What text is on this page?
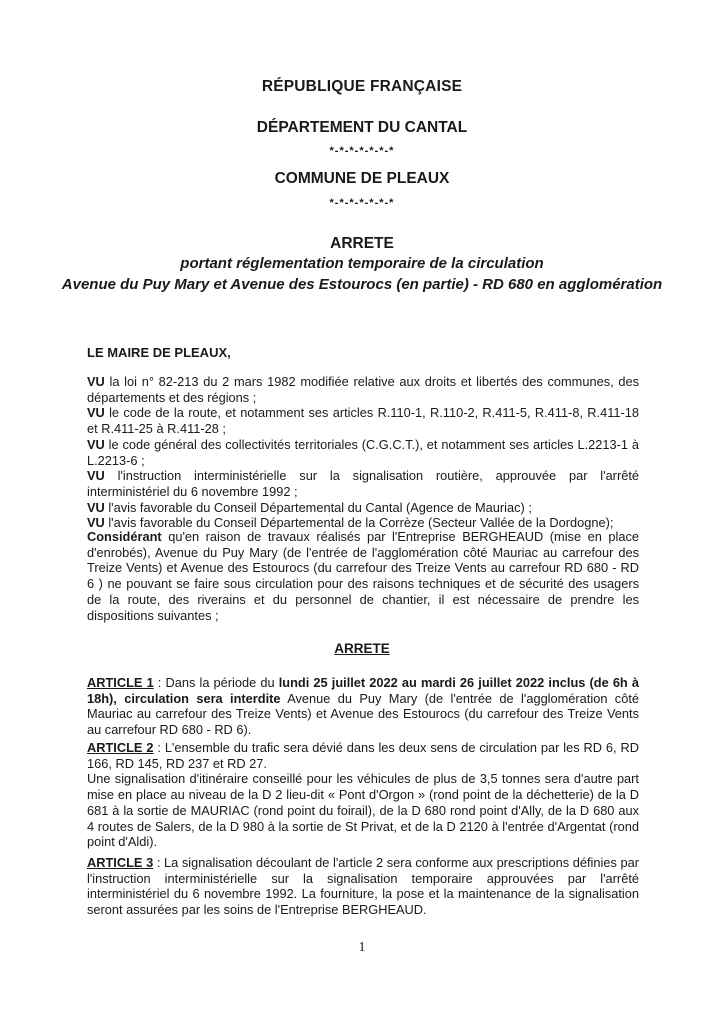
RÉPUBLIQUE FRANÇAISE
DÉPARTEMENT DU CANTAL
*-*-*-*-*-*-*
COMMUNE DE PLEAUX
*-*-*-*-*-*-*
ARRETE
portant réglementation temporaire de la circulation
Avenue du Puy Mary et Avenue des Estourocs (en partie) - RD 680 en agglomération
LE MAIRE DE PLEAUX,

VU la loi n° 82-213 du 2 mars 1982 modifiée relative aux droits et libertés des communes, des départements et des régions ;

VU le code de la route, et notamment ses articles R.110-1, R.110-2, R.411-5, R.411-8, R.411-18 et R.411-25 à R.411-28 ;

VU le code général des collectivités territoriales (C.G.C.T.), et notamment ses articles L.2213-1 à L.2213-6 ;

VU l'instruction interministérielle sur la signalisation routière, approuvée par l'arrêté interministériel du 6 novembre 1992 ;

VU l'avis favorable du Conseil Départemental du Cantal (Agence de Mauriac) ;

VU l'avis favorable du Conseil Départemental de la Corrèze (Secteur Vallée de la Dordogne);

Considérant qu'en raison de travaux réalisés par l'Entreprise BERGHEAUD (mise en place d'enrobés), Avenue du Puy Mary (de l'entrée de l'agglomération côté Mauriac au carrefour des Treize Vents) et Avenue des Estourocs (du carrefour des Treize Vents au carrefour RD 680 - RD 6 ) ne pouvant se faire sous circulation pour des raisons techniques et de sécurité des usagers de la route, des riverains et du personnel de chantier, il est nécessaire de prendre les dispositions suivantes ;
ARRETE
ARTICLE 1 : Dans la période du lundi 25 juillet 2022 au mardi 26 juillet 2022 inclus (de 6h à 18h), circulation sera interdite Avenue du Puy Mary (de l'entrée de l'agglomération côté Mauriac au carrefour des Treize Vents) et Avenue des Estourocs (du carrefour des Treize Vents au carrefour RD 680 - RD 6).

ARTICLE 2 : L'ensemble du trafic sera dévié dans les deux sens de circulation par les RD 6, RD 166, RD 145, RD 237 et RD 27.

Une signalisation d'itinéraire conseillé pour les véhicules de plus de 3,5 tonnes sera d'autre part mise en place au niveau de la D 2 lieu-dit « Pont d'Orgon » (rond point de la déchetterie) de la D 681 à la sortie de MAURIAC (rond point du foirail), de la D 680 rond point d'Ally, de la D 680 aux 4 routes de Salers, de la D 980 à la sortie de St Privat, et de la D 2120 à l'entrée d'Argentat (rond point d'Aldi).

ARTICLE 3 : La signalisation découlant de l'article 2 sera conforme aux prescriptions définies par l'instruction interministérielle sur la signalisation temporaire approuvées par l'arrêté interministériel du 6 novembre 1992. La fourniture, la pose et la maintenance de la signalisation seront assurées par les soins de l'Entreprise BERGHEAUD.
1
